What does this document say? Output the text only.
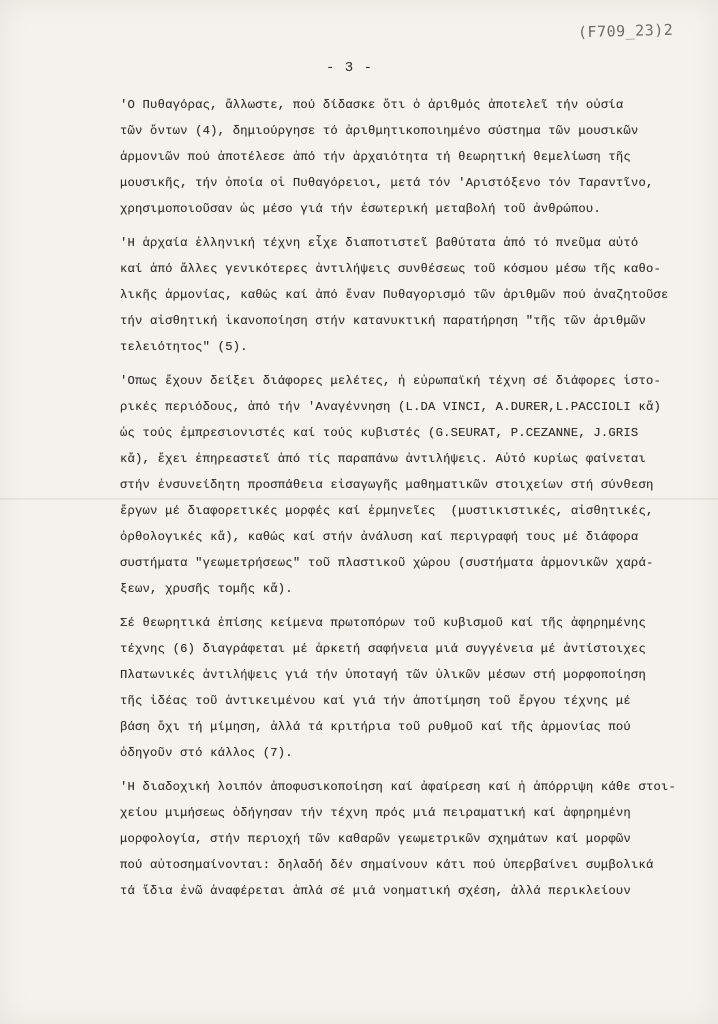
(F709_23)2
- 3 -
'Ο Πυθαγόρας, ἄλλωστε, πού δίδασκε ὅτι ὁ ἀριθμός ἀποτελεῖ τήν οὐσία
τῶν ὄντων (4), δημιούργησε τό ἀριθμητικοποιημένο σύστημα τῶν μουσικῶν
ἀρμονιῶν πού ἀποτέλεσε ἀπό τήν ἀρχαιότητα τή θεωρητική θεμελίωση τῆς
μουσικῆς, τήν ὁποία οἱ Πυθαγόρειοι, μετά τόν 'Αριστόξενο τόν Ταραντῖνο,
χρησιμοποιοῦσαν ὡς μέσο γιά τήν ἐσωτερική μεταβολή τοῦ ἀνθρώπου.
'Η ἀρχαία ἑλληνική τέχνη εἶχε διαποτιστεῖ βαθύτατα ἀπό τό πνεῦμα αὐτό
καί ἀπό ἄλλες γενικότερες ἀντιλήψεις συνθέσεως τοῦ κόσμου μέσω τῆς καθο-
λικῆς ἁρμονίας, καθώς καί ἀπό ἕναν Πυθαγορισμό τῶν ἀριθμῶν πού ἀναζητοῦσε
τήν αἰσθητική ἱκανοποίηση στήν κατανυκτική παρατήρηση "τῆς τῶν ἀριθμῶν
τελειότητος" (5).
'Οπως ἔχουν δείξει διάφορες μελέτες, ἡ εὐρωπαϊκή τέχνη σέ διάφορες ἱστο-
ρικές περιόδους, ἀπό τήν 'Αναγέννηση (L.DA VINCI, A.DURER,L.PACCIOLI κἄ)
ὡς τούς ἐμπρεσιονιστές καί τούς κυβιστές (G.SEURAT, P.CEZANNE, J.GRIS
κἄ), ἔχει ἐπηρεαστεῖ ἀπό τίς παραπάνω ἀντιλήψεις. Αὐτό κυρίως φαίνεται
στήν ἐνσυνείδητη προσπάθεια εἰσαγωγῆς μαθηματικῶν στοιχείων στή σύνθεση
ἔργων μέ διαφορετικές μορφές καί ἑρμηνεῖες  (μυστικιστικές, αἰσθητικές,
ὀρθολογικές κἄ), καθώς καί στήν ἀνάλυση καί περιγραφή τους μέ διάφορα
συστήματα "γεωμετρήσεως" τοῦ πλαστικοῦ χώρου (συστήματα ἁρμονικῶν χαρά-
ξεων, χρυσῆς τομῆς κἄ).
Σέ θεωρητικά ἐπίσης κείμενα πρωτοπόρων τοῦ κυβισμοῦ καί τῆς ἀφηρημένης
τέχνης (6) διαγράφεται μέ ἀρκετή σαφήνεια μιά συγγένεια μέ ἀντίστοιχες
Πλατωνικές ἀντιλήψεις γιά τήν ὑποταγή τῶν ὑλικῶν μέσων στή μορφοποίηση
τῆς ἰδέας τοῦ ἀντικειμένου καί γιά τήν ἀποτίμηση τοῦ ἔργου τέχνης μέ
βάση ὄχι τή μίμηση, ἀλλά τά κριτήρια τοῦ ρυθμοῦ καί τῆς ἁρμονίας πού
ὁδηγοῦν στό κάλλος (7).
'Η διαδοχική λοιπόν ἀποφυσικοποίηση καί ἀφαίρεση καί ἡ ἀπόρριψη κάθε στοι-
χείου μιμήσεως ὁδήγησαν τήν τέχνη πρός μιά πειραματική καί ἀφηρημένη
μορφολογία, στήν περιοχή τῶν καθαρῶν γεωμετρικῶν σχημάτων καί μορφῶν
πού αὐτοσημαίνονται: δηλαδή δέν σημαίνουν κάτι πού ὑπερβαίνει συμβολικά
τά ἴδια ἐνῶ ἀναφέρεται ἁπλά σέ μιά νοηματική σχέση, ἀλλά περικλείουν
